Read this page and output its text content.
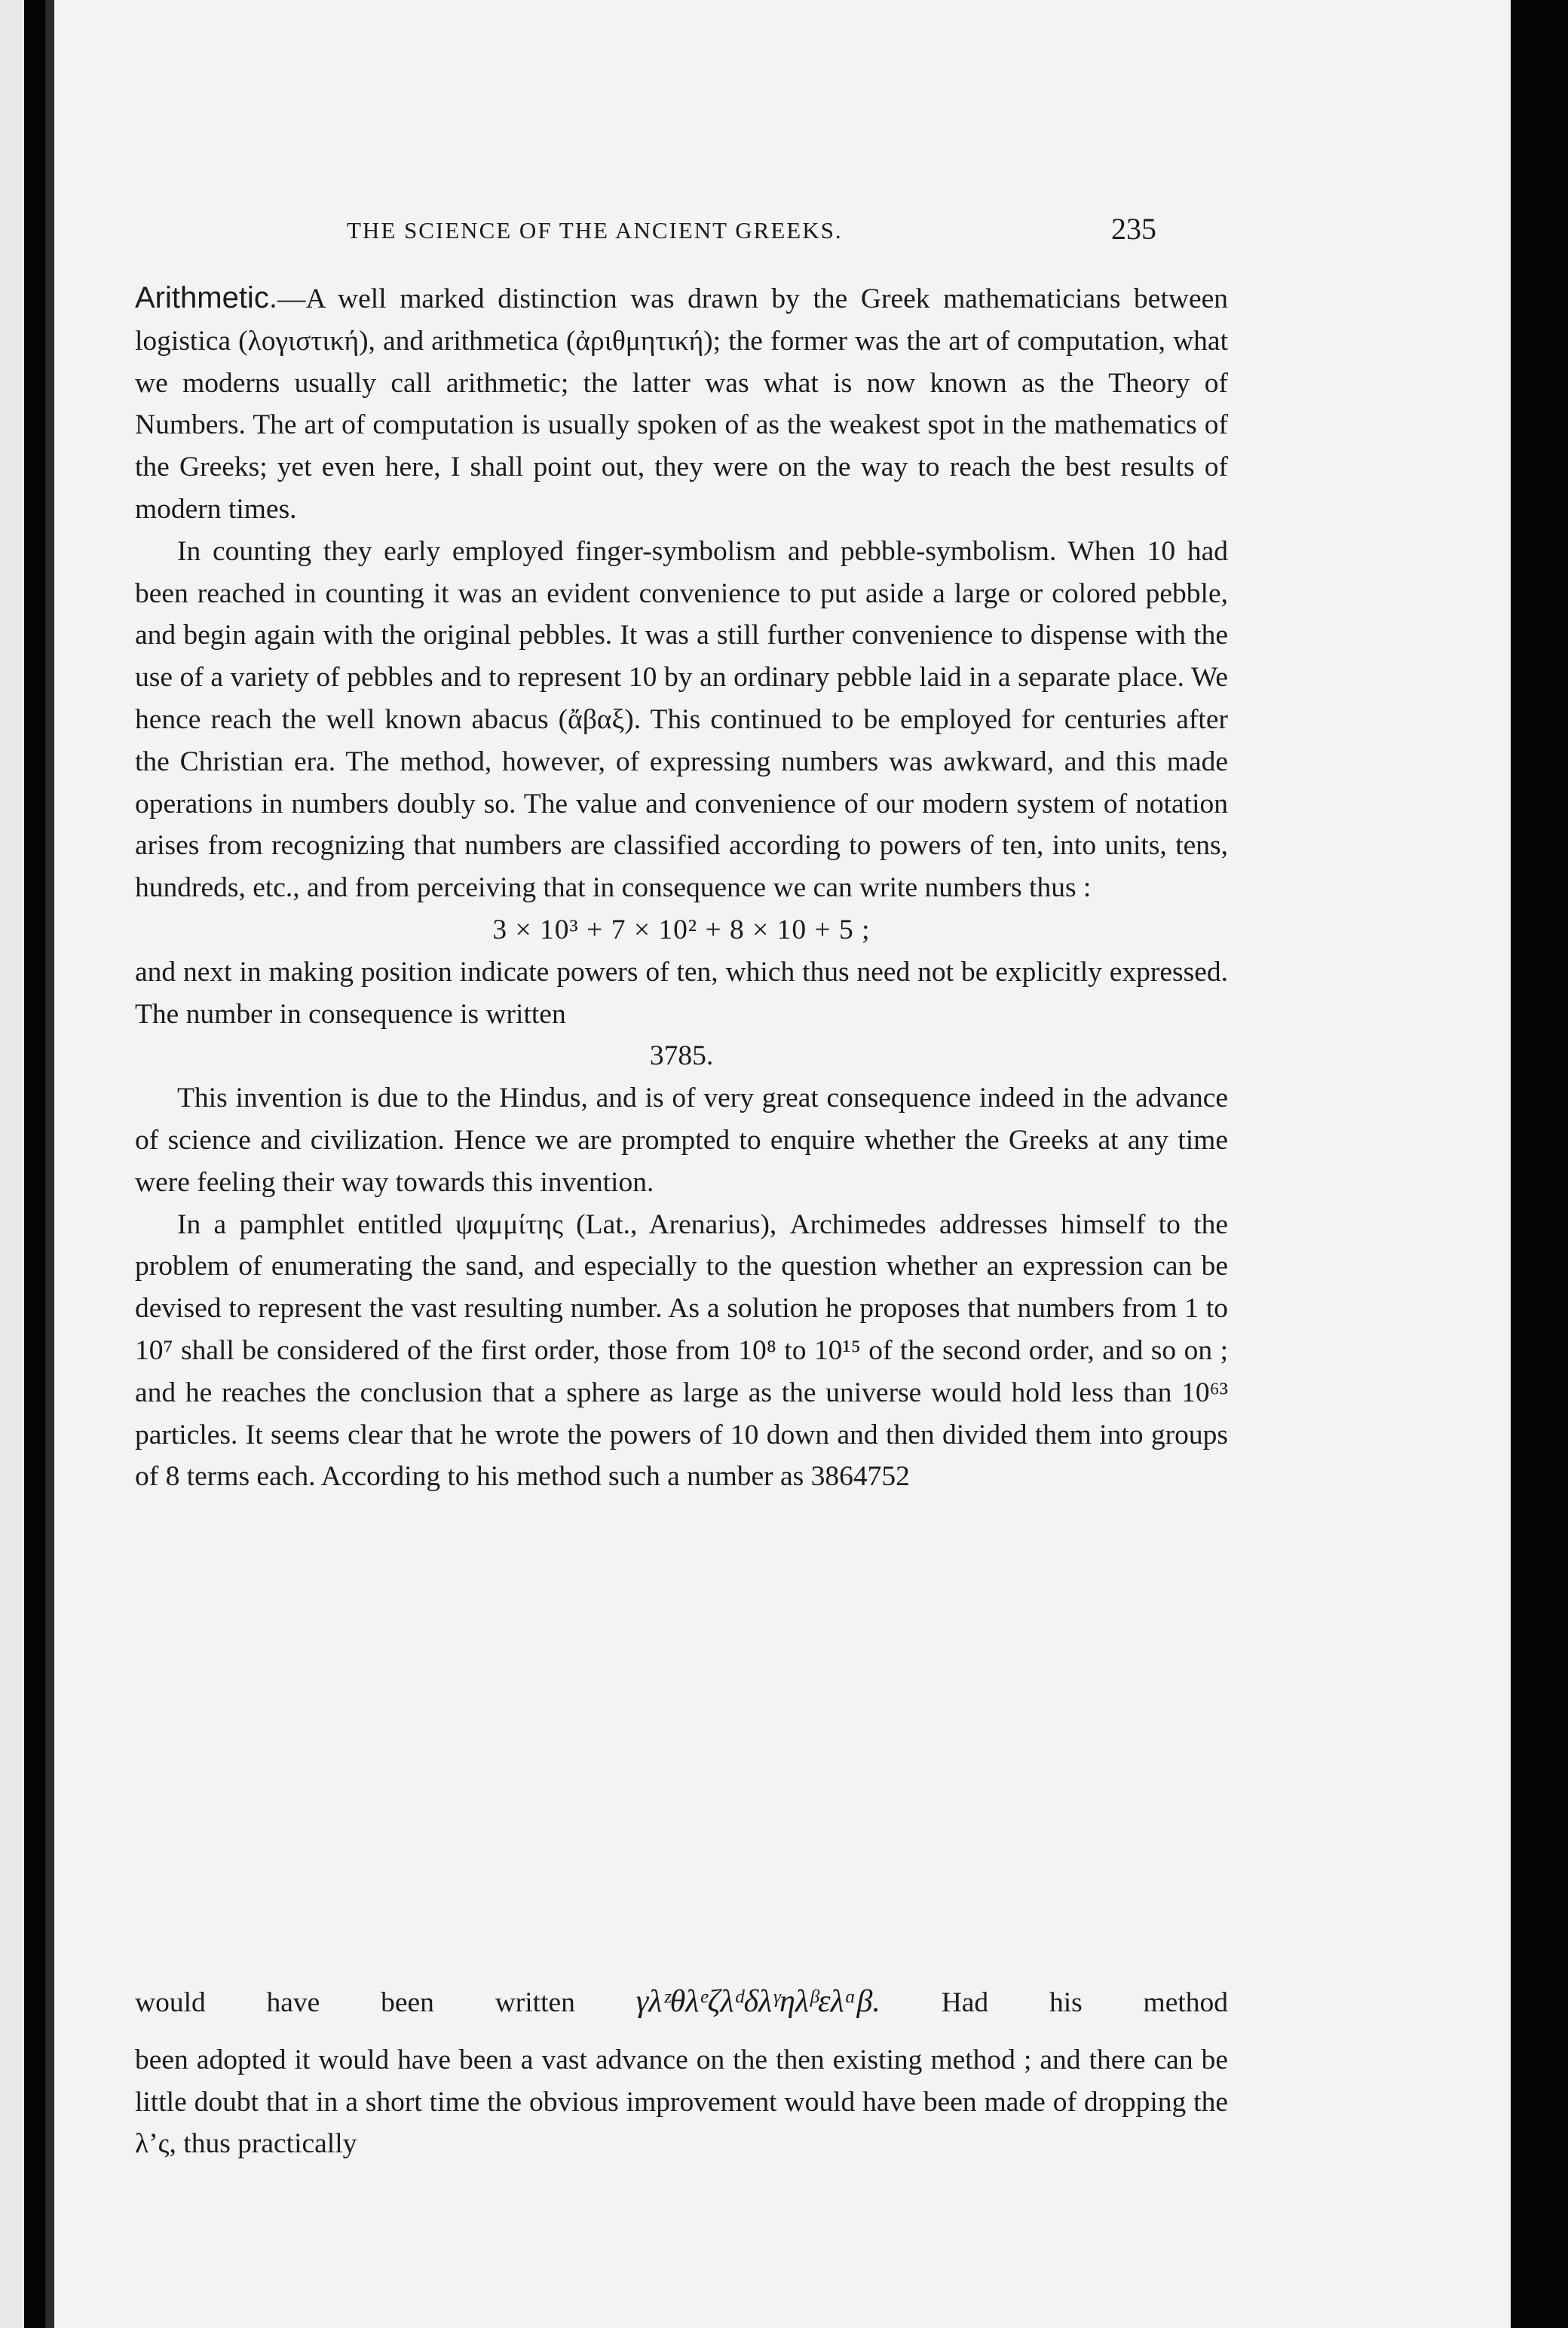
THE SCIENCE OF THE ANCIENT GREEKS.	235

Arithmetic.—A well marked distinction was drawn by the Greek mathematicians between logistica (λογιστική), and arithmetica (ἀριθμητική); the former was the art of computation, what we moderns usually call arithmetic; the latter was what is now known as the Theory of Numbers. The art of computation is usually spoken of as the weakest spot in the mathematics of the Greeks; yet even here, I shall point out, they were on the way to reach the best results of modern times.

In counting they early employed finger-symbolism and pebble-symbolism. When 10 had been reached in counting it was an evident convenience to put aside a large or colored pebble, and begin again with the original pebbles. It was a still further convenience to dispense with the use of a variety of pebbles and to represent 10 by an ordinary pebble laid in a separate place. We hence reach the well known abacus (ἄβαξ). This continued to be employed for centuries after the Christian era. The method, however, of expressing numbers was awkward, and this made operations in numbers doubly so. The value and convenience of our modern system of notation arises from recognizing that numbers are classified according to powers of ten, into units, tens, hundreds, etc., and from perceiving that in consequence we can write numbers thus :

3 × 10³ + 7 × 10² + 8 × 10 + 5 ;

and next in making position indicate powers of ten, which thus need not be explicitly expressed. The number in consequence is written

3785.

This invention is due to the Hindus, and is of very great consequence indeed in the advance of science and civilization. Hence we are prompted to enquire whether the Greeks at any time were feeling their way towards this invention.

In a pamphlet entitled ψαμμίτης (Lat., Arenarius), Archimedes addresses himself to the problem of enumerating the sand, and especially to the question whether an expression can be devised to represent the vast resulting number. As a solution he proposes that numbers from 1 to 10⁷ shall be considered of the first order, those from 10⁸ to 10¹⁵ of the second order, and so on ; and he reaches the conclusion that a sphere as large as the universe would hold less than 10⁶³ particles. It seems clear that he wrote the powers of 10 down and then divided them into groups of 8 terms each. According to his method such a number as 3864752

would have been written γλᶻθλᵉζλᵈδλᵞηλᵝελᵅβ. Had his method

been adopted it would have been a vast advance on the then existing method ; and there can be little doubt that in a short time the obvious improvement would have been made of dropping the λ’ς, thus practically
